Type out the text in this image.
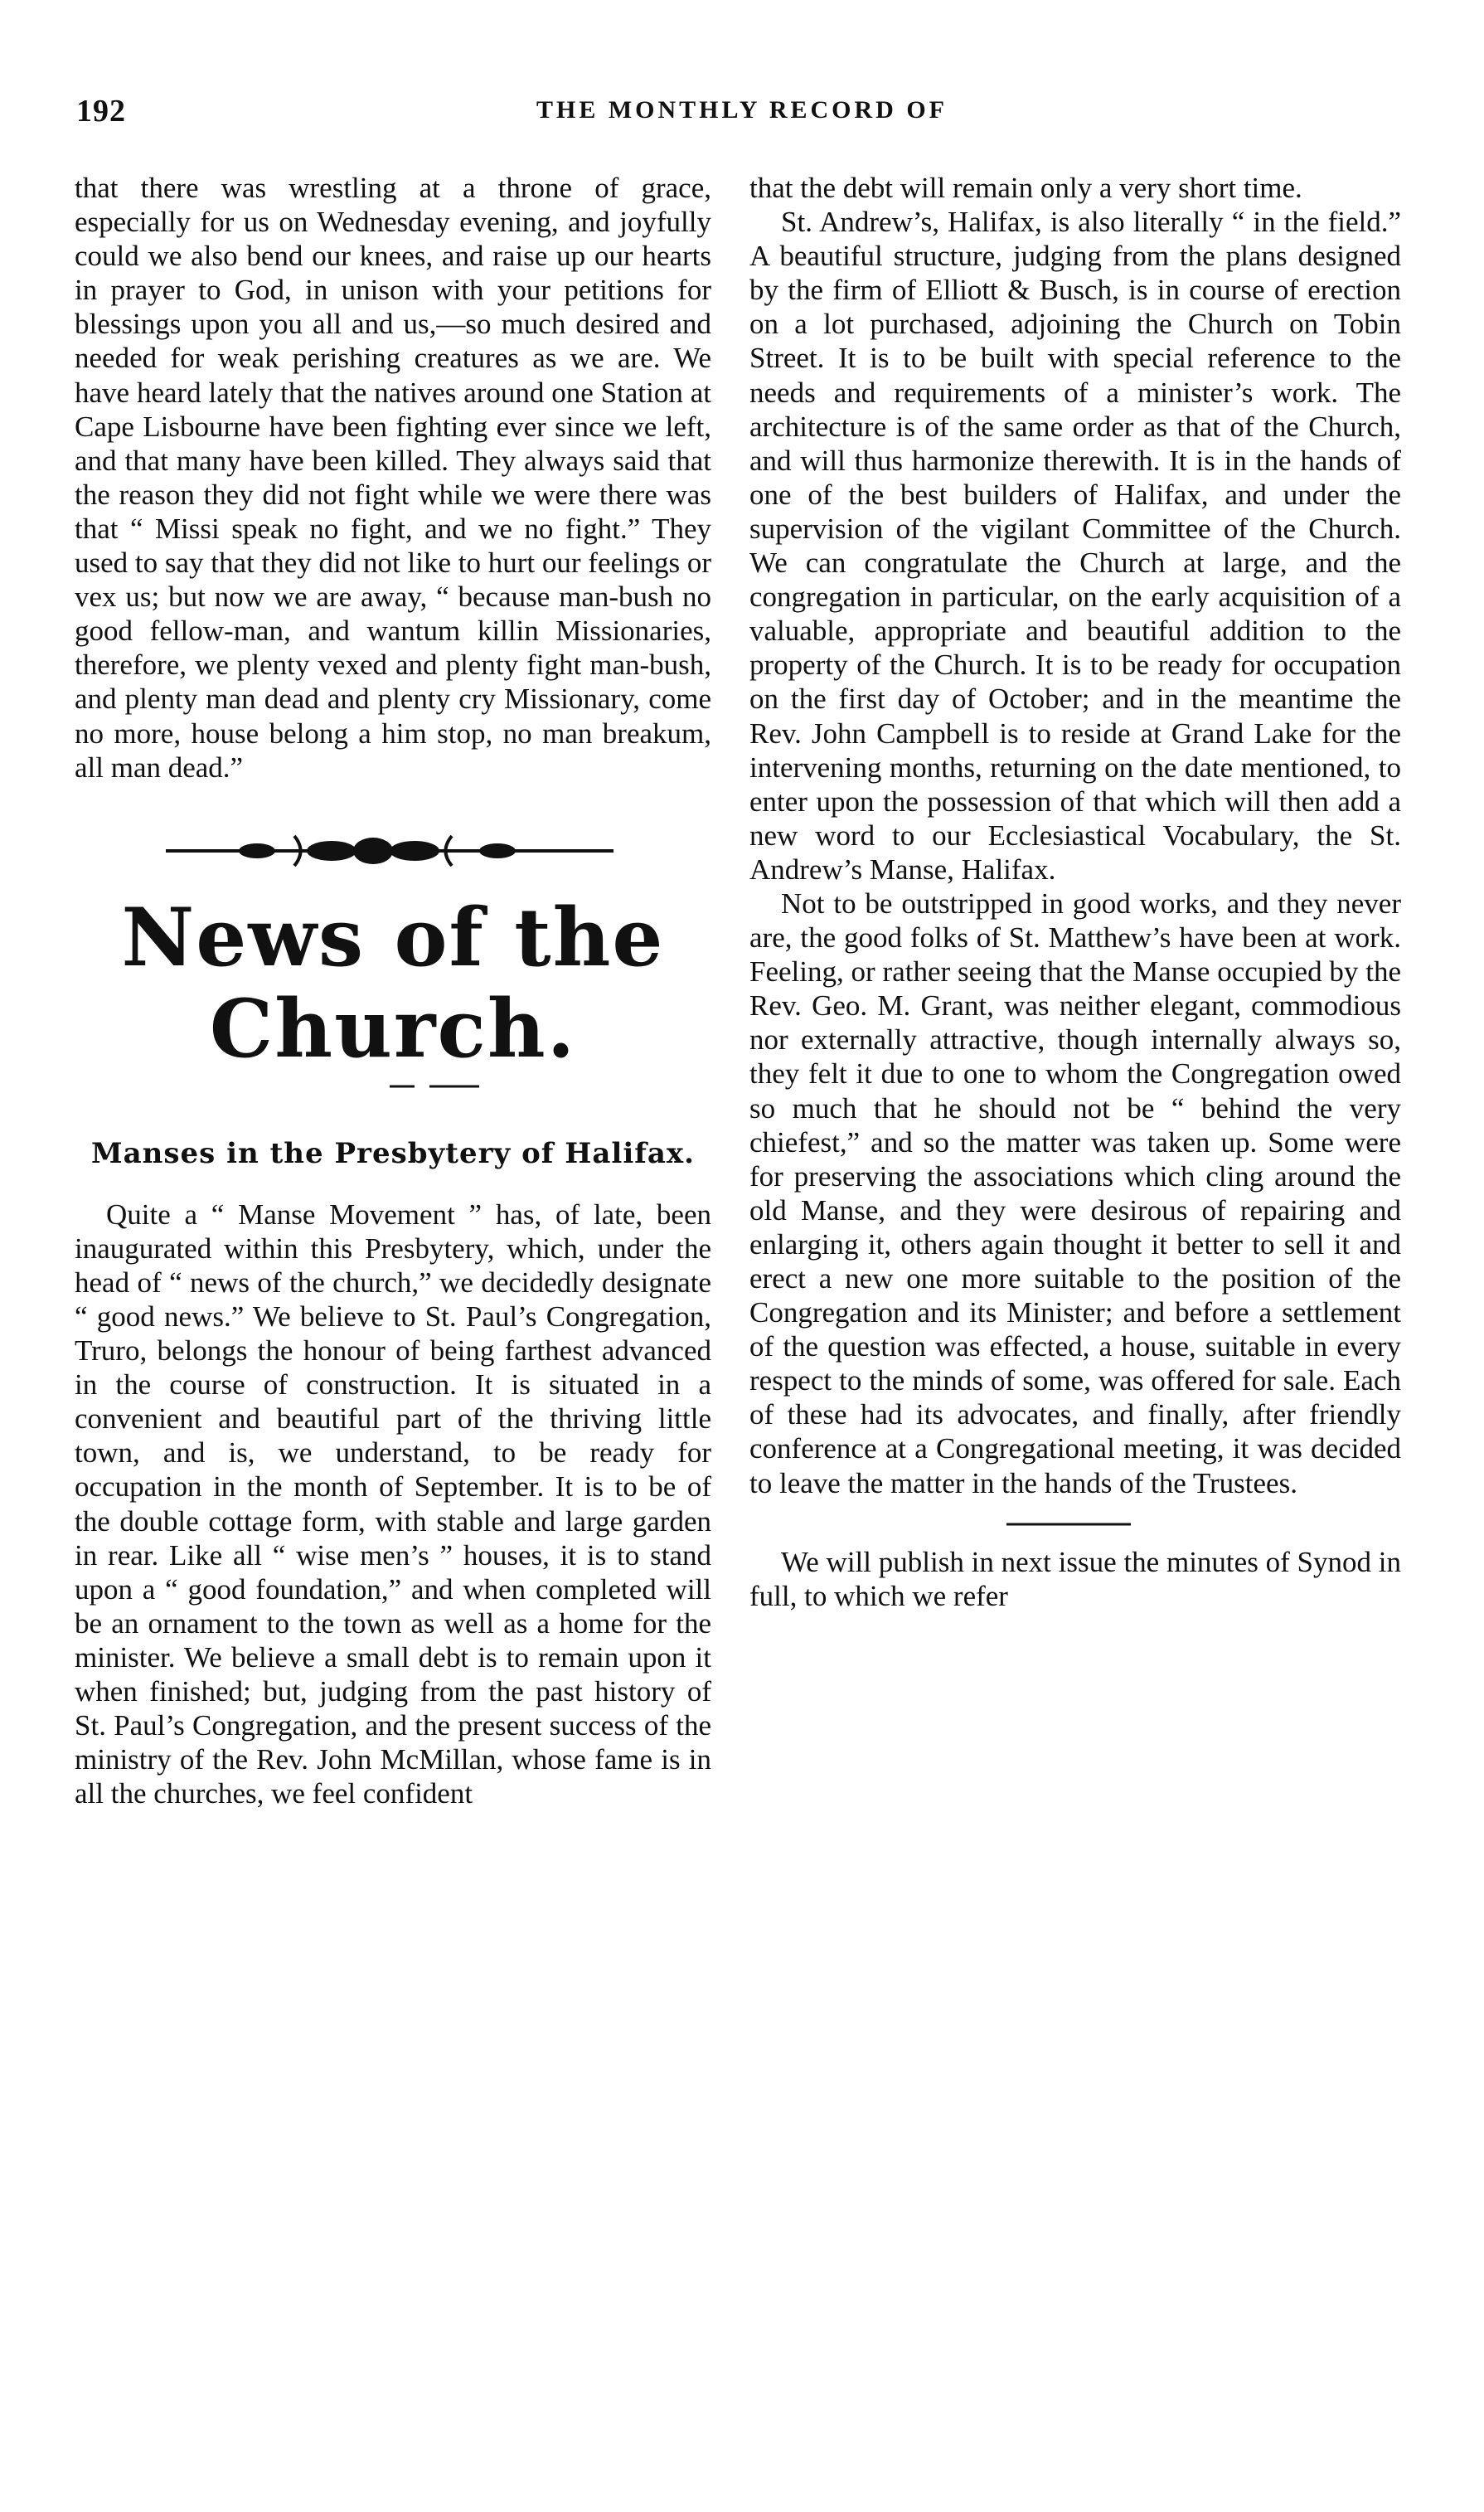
192	THE MONTHLY RECORD OF

that there was wrestling at a throne of grace, especially for us on Wednesday evening, and joyfully could we also bend our knees, and raise up our hearts in prayer to God, in unison with your petitions for blessings upon you all and us,—so much desired and needed for weak perishing creatures as we are. We have heard lately that the natives around one Station at Cape Lisbourne have been fighting ever since we left, and that many have been killed. They always said that the reason they did not fight while we were there was that “ Missi speak no fight, and we no fight.” They used to say that they did not like to hurt our feelings or vex us; but now we are away, “ because man-bush no good fellow-man, and wantum killin Missionaries, therefore, we plenty vexed and plenty fight man-bush, and plenty man dead and plenty cry Missionary, come no more, house belong a him stop, no man breakum, all man dead.”

News of the Church.
Manses in the Presbytery of Halifax.

Quite a “ Manse Movement ” has, of late, been inaugurated within this Presbytery, which, under the head of “ news of the church,” we decidedly designate “ good news.” We believe to St. Paul’s Congregation, Truro, belongs the honour of being farthest advanced in the course of construction. It is situated in a convenient and beautiful part of the thriving little town, and is, we understand, to be ready for occupation in the month of September. It is to be of the double cottage form, with stable and large garden in rear. Like all “ wise men’s ” houses, it is to stand upon a “ good foundation,” and when completed will be an ornament to the town as well as a home for the minister. We believe a small debt is to remain upon it when finished; but, judging from the past history of St. Paul’s Congregation, and the present success of the ministry of the Rev. John McMillan, whose fame is in all the churches, we feel confident

that the debt will remain only a very short time.

St. Andrew’s, Halifax, is also literally “ in the field.” A beautiful structure, judging from the plans designed by the firm of Elliott & Busch, is in course of erection on a lot purchased, adjoining the Church on Tobin Street. It is to be built with special reference to the needs and requirements of a minister’s work. The architecture is of the same order as that of the Church, and will thus harmonize therewith. It is in the hands of one of the best builders of Halifax, and under the supervision of the vigilant Committee of the Church. We can congratulate the Church at large, and the congregation in particular, on the early acquisition of a valuable, appropriate and beautiful addition to the property of the Church. It is to be ready for occupation on the first day of October; and in the meantime the Rev. John Campbell is to reside at Grand Lake for the intervening months, returning on the date mentioned, to enter upon the possession of that which will then add a new word to our Ecclesiastical Vocabulary, the St. Andrew’s Manse, Halifax.

Not to be outstripped in good works, and they never are, the good folks of St. Matthew’s have been at work. Feeling, or rather seeing that the Manse occupied by the Rev. Geo. M. Grant, was neither elegant, commodious nor externally attractive, though internally always so, they felt it due to one to whom the Congregation owed so much that he should not be “ behind the very chiefest,” and so the matter was taken up. Some were for preserving the associations which cling around the old Manse, and they were desirous of repairing and enlarging it, others again thought it better to sell it and erect a new one more suitable to the position of the Congregation and its Minister; and before a settlement of the question was effected, a house, suitable in every respect to the minds of some, was offered for sale. Each of these had its advocates, and finally, after friendly conference at a Congregational meeting, it was decided to leave the matter in the hands of the Trustees.

We will publish in next issue the minutes of Synod in full, to which we refer
